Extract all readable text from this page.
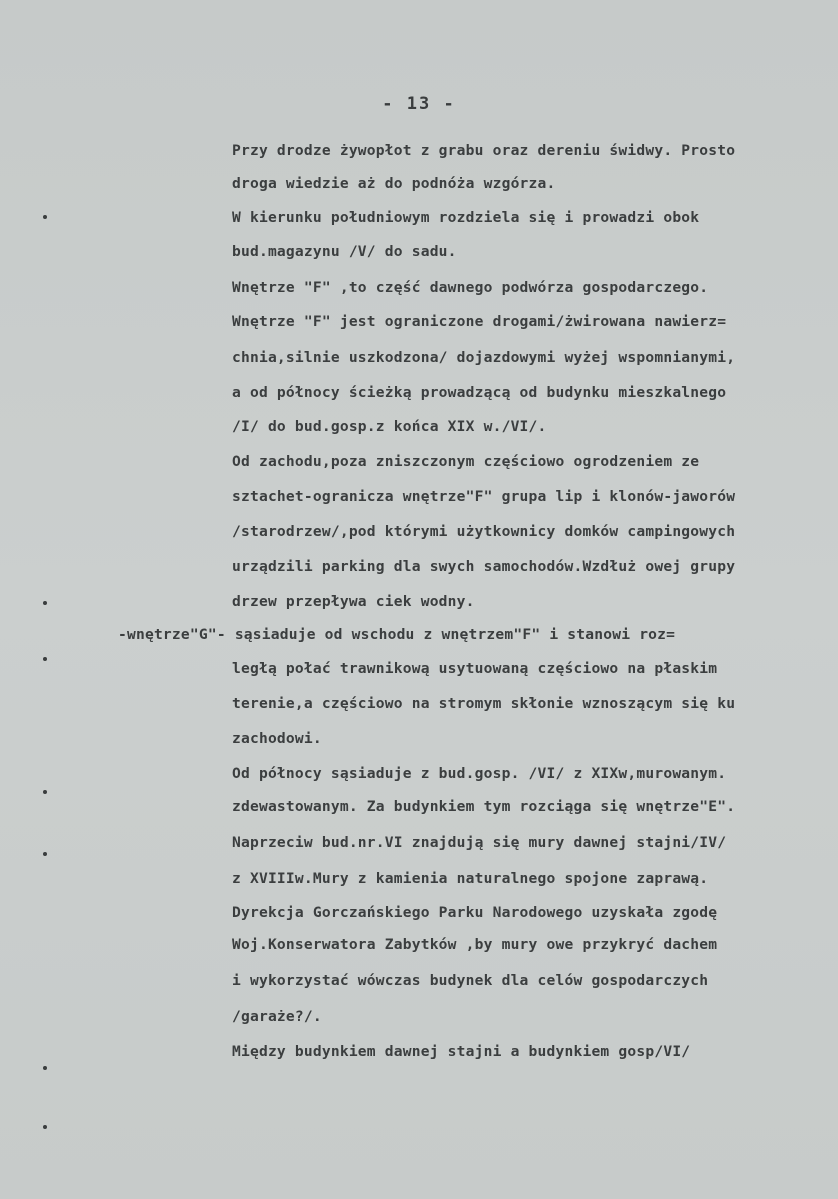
- 13 -
Przy drodze żywopłot z grabu oraz dereniu świdwy. Prosto
droga wiedzie aż do podnóża wzgórza.
W kierunku południowym rozdziela się i prowadzi obok
bud.magazynu /V/ do sadu.
Wnętrze "F" ,to część dawnego podwórza gospodarczego.
Wnętrze "F" jest ograniczone drogami/żwirowana nawierz=
chnia,silnie uszkodzona/ dojazdowymi wyżej wspomnianymi,
a od północy ścieżką prowadzącą od budynku mieszkalnego
/I/ do bud.gosp.z końca XIX w./VI/.
Od zachodu,poza zniszczonym częściowo ogrodzeniem ze
sztachet-ogranicza wnętrze"F" grupa lip i klonów-jaworów
/starodrzew/,pod którymi użytkownicy domków campingowych
urządzili parking dla swych samochodów.Wzdłuż owej grupy
drzew przepływa ciek wodny.
-wnętrze"G"- sąsiaduje od wschodu z wnętrzem"F" i stanowi roz=
ległą połać trawnikową usytuowaną częściowo na płaskim
terenie,a częściowo na stromym skłonie wznoszącym się ku
zachodowi.
Od północy sąsiaduje z bud.gosp. /VI/ z XIXw,murowanym.
zdewastowanym. Za budynkiem tym rozciąga się wnętrze"E".
Naprzeciw bud.nr.VI znajdują się mury dawnej stajni/IV/
z XVIIIw.Mury z kamienia naturalnego spojone zaprawą.
Dyrekcja Gorczańskiego Parku Narodowego uzyskała zgodę
Woj.Konserwatora Zabytków ,by mury owe przykryć dachem
i wykorzystać wówczas budynek dla celów gospodarczych
/garaże?/.
Między budynkiem dawnej stajni a budynkiem gosp/VI/
